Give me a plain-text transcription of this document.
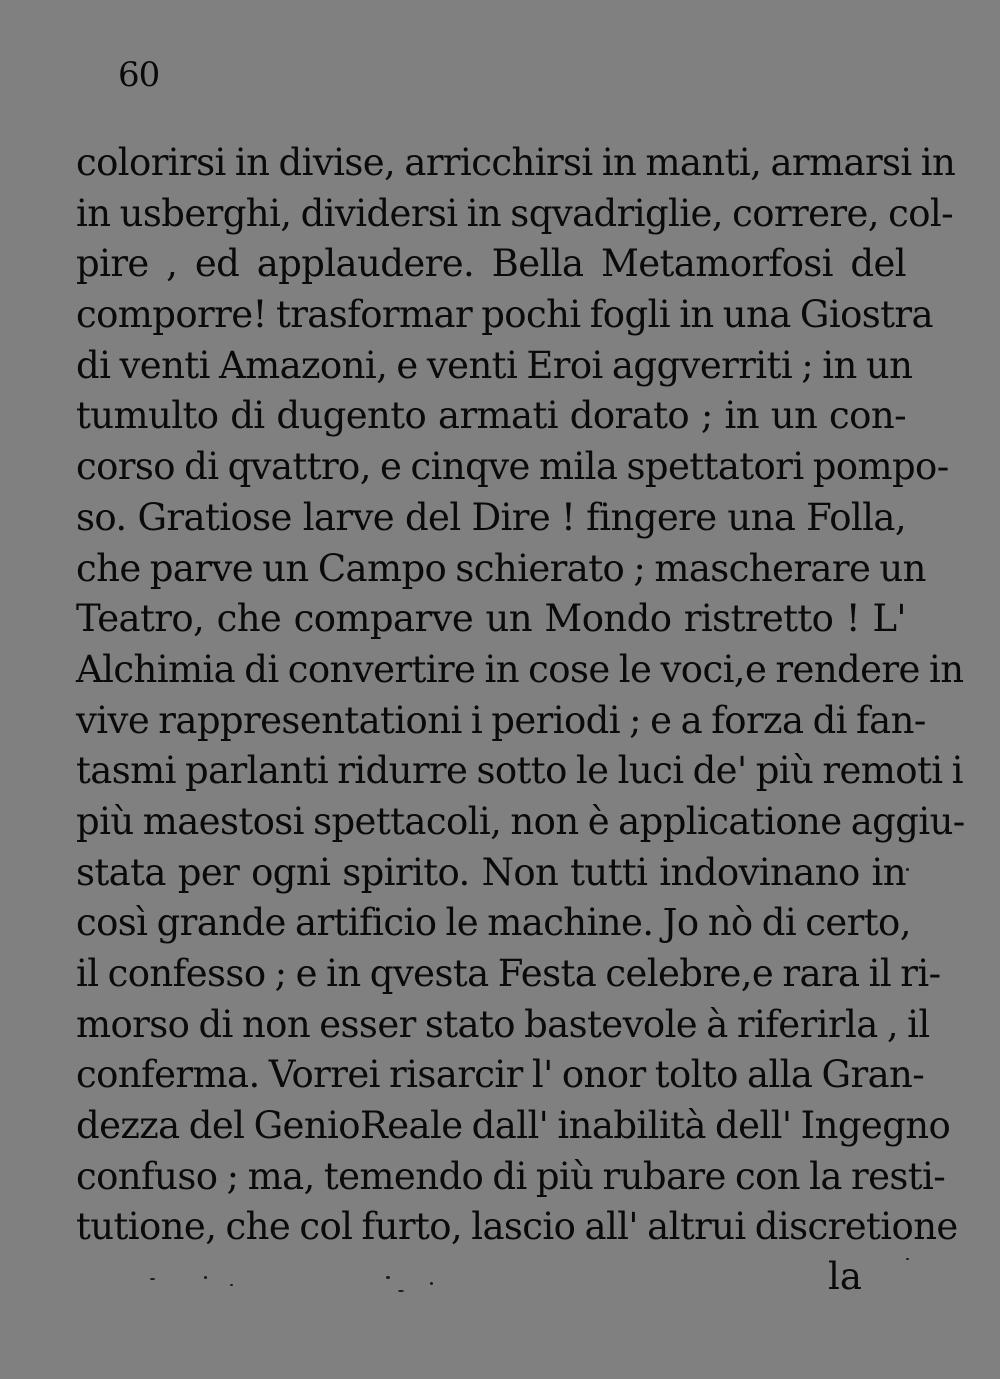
60
colorirsi in divise, arricchirsi in manti, armarsi in
in usberghi, dividersi in sqvadriglie, correre, col-
pire , ed applaudere. Bella Metamorfosi del
comporre! trasformar pochi fogli in una Giostra
di venti Amazoni, e venti Eroi aggverriti ; in un
tumulto di dugento armati dorato ; in un con-
corso di qvattro, e cinqve mila spettatori pompo-
so. Gratiose larve del Dire ! fingere una Folla,
che parve un Campo schierato ; mascherare un
Teatro, che comparve un Mondo ristretto ! L'
Alchimia di convertire in cose le voci,e rendere in
vive rappresentationi i periodi ; e a forza di fan-
tasmi parlanti ridurre sotto le luci de' più remoti i
più maestosi spettacoli, non è applicatione aggiu-
stata per ogni spirito. Non tutti indovinano in
così grande artificio le machine. Jo nò di certo,
il confesso ; e in qvesta Festa celebre,e rara il ri-
morso di non esser stato bastevole à riferirla , il
conferma. Vorrei risarcir l' onor tolto alla Gran-
dezza del GenioReale dall' inabilità dell' Ingegno
confuso ; ma, temendo di più rubare con la resti-
tutione, che col furto, lascio all' altrui discretione
la
